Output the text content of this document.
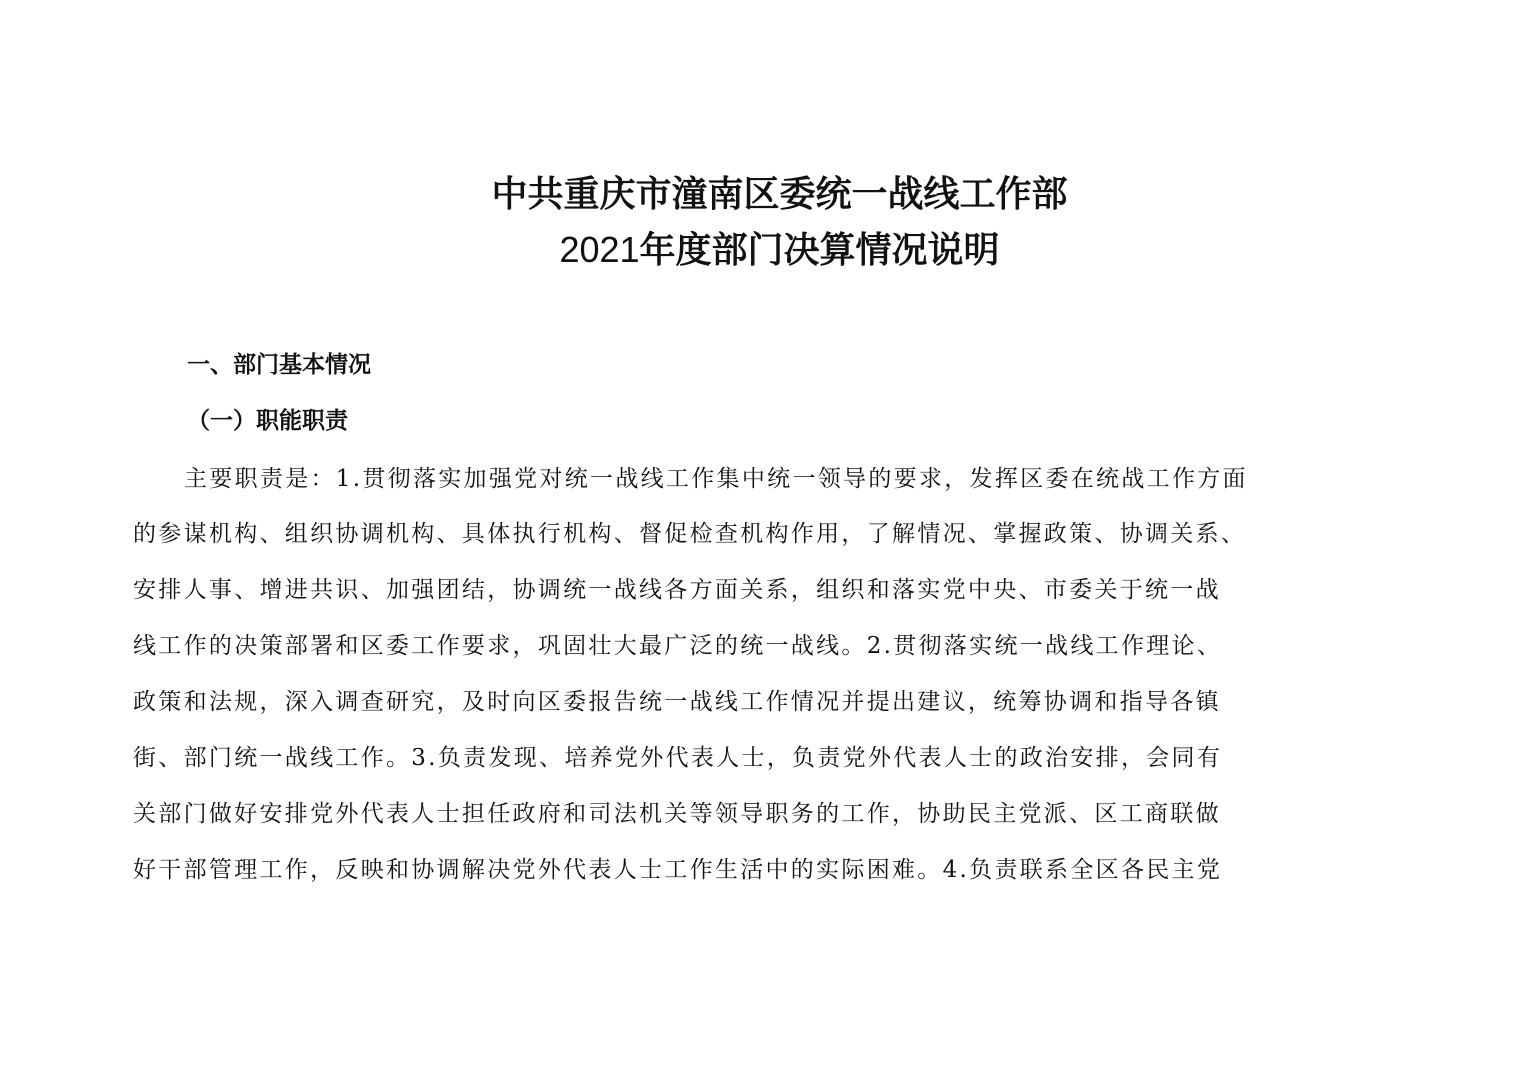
中共重庆市潼南区委统一战线工作部
2021年度部门决算情况说明
一、部门基本情况
（一）职能职责
主要职责是：1.贯彻落实加强党对统一战线工作集中统一领导的要求，发挥区委在统战工作方面
的参谋机构、组织协调机构、具体执行机构、督促检查机构作用，了解情况、掌握政策、协调关系、
安排人事、增进共识、加强团结，协调统一战线各方面关系，组织和落实党中央、市委关于统一战
线工作的决策部署和区委工作要求，巩固壮大最广泛的统一战线。2.贯彻落实统一战线工作理论、
政策和法规，深入调查研究，及时向区委报告统一战线工作情况并提出建议，统筹协调和指导各镇
街、部门统一战线工作。3.负责发现、培养党外代表人士，负责党外代表人士的政治安排，会同有
关部门做好安排党外代表人士担任政府和司法机关等领导职务的工作，协助民主党派、区工商联做
好干部管理工作，反映和协调解决党外代表人士工作生活中的实际困难。4.负责联系全区各民主党
